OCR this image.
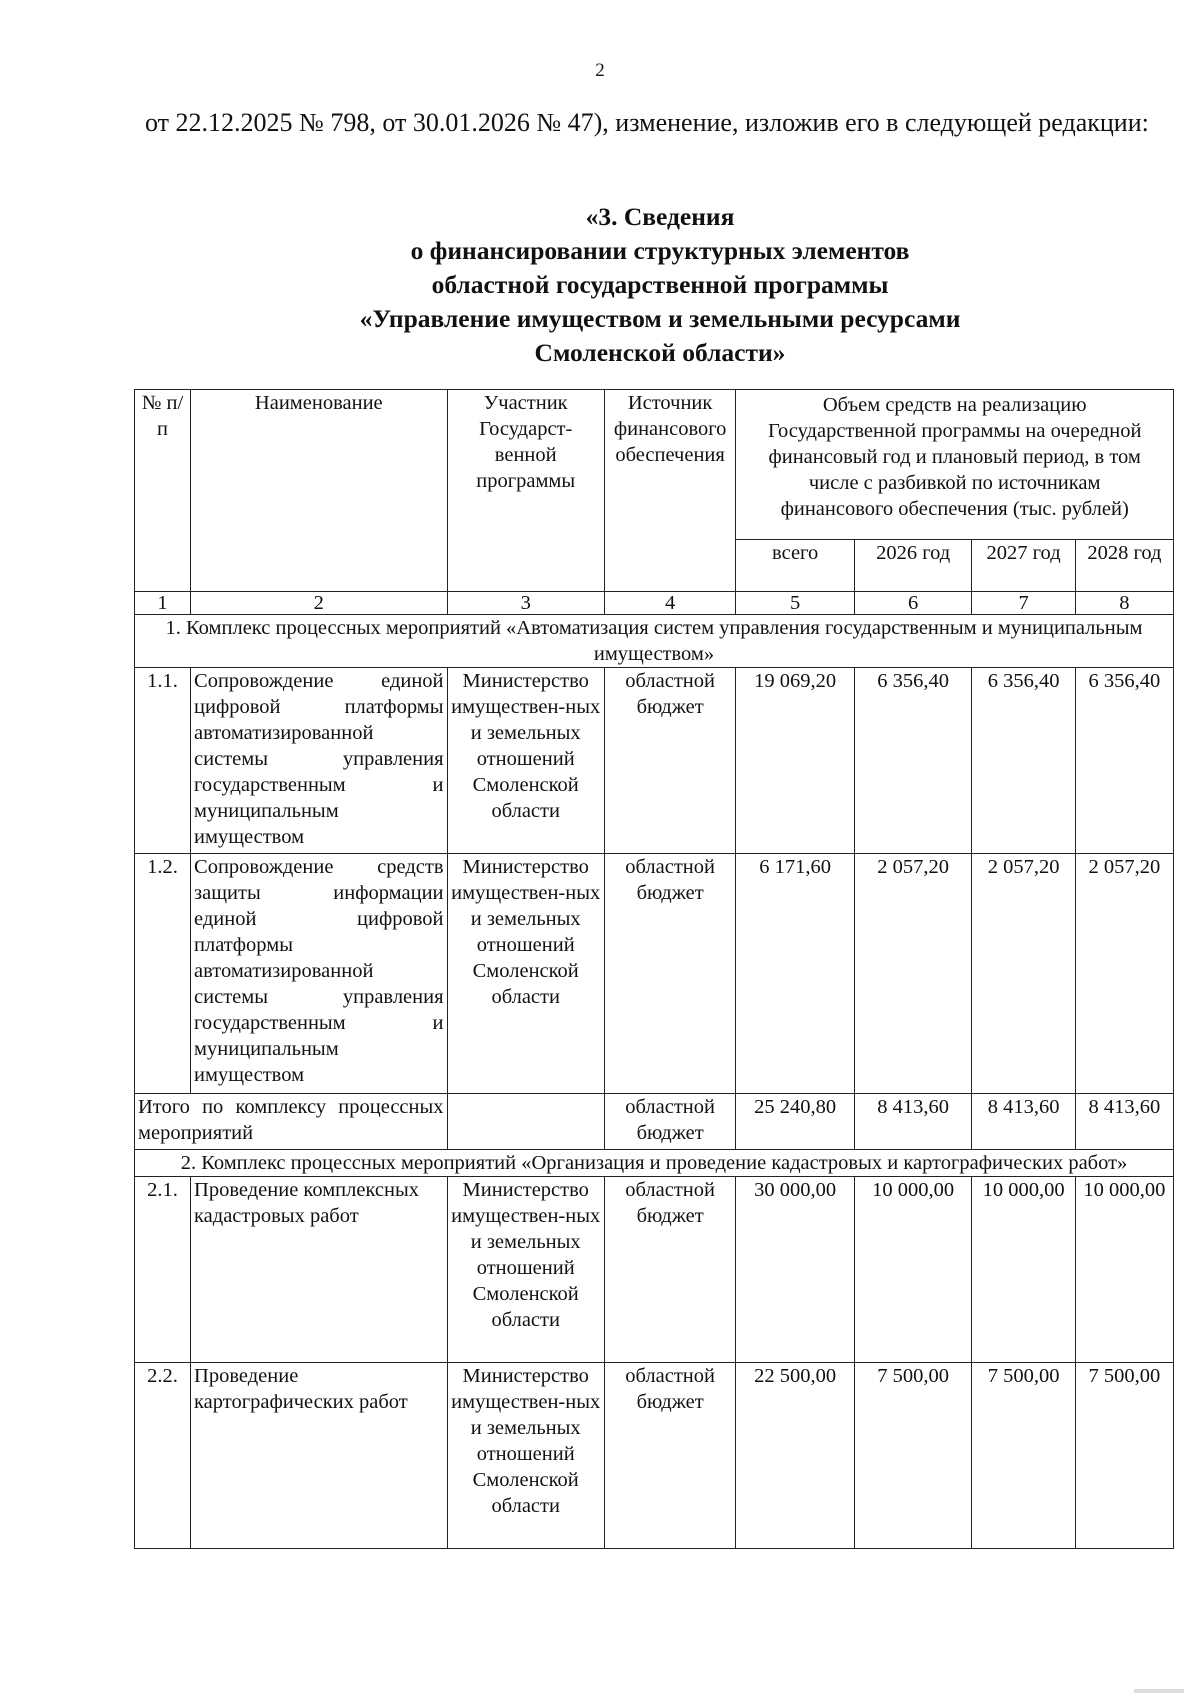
2
от 22.12.2025 № 798, от 30.01.2026 № 47), изменение, изложив его в следующей редакции:
«3. Сведения
о финансировании структурных элементов
областной государственной программы
«Управление имуществом и земельными ресурсами
Смоленской области»
№ п/п	Наименование	Участник Государст-венной программы	Источник финансового обеспечения	Объем средств на реализацию Государственной программы на очередной финансовый год и плановый период, в том числе с разбивкой по источникам финансового обеспечения (тыс. рублей)			
				всего	2026 год	2027 год	2028 год
1	2	3	4	5	6	7	8
1. Комплекс процессных мероприятий «Автоматизация систем управления государственным и муниципальным имуществом»							
1.1.	Сопровождение единой цифровой платформы автоматизированной системы управления государственным и муниципальным имуществом	Министерство имуществен-ных и земельных отношений Смоленской области	областной бюджет	19 069,20	6 356,40	6 356,40	6 356,40
1.2.	Сопровождение средств защиты информации единой цифровой платформы автоматизированной системы управления государственным и муниципальным имуществом	Министерство имуществен-ных и земельных отношений Смоленской области	областной бюджет	6 171,60	2 057,20	2 057,20	2 057,20
Итого по комплексу процессных мероприятий			областной бюджет	25 240,80	8 413,60	8 413,60	8 413,60
2. Комплекс процессных мероприятий «Организация и проведение кадастровых и картографических работ»							
2.1.	Проведение комплексных кадастровых работ	Министерство имуществен-ных и земельных отношений Смоленской области	областной бюджет	30 000,00	10 000,00	10 000,00	10 000,00
2.2.	Проведение картографических работ	Министерство имуществен-ных и земельных отношений Смоленской области	областной бюджет	22 500,00	7 500,00	7 500,00	7 500,00
